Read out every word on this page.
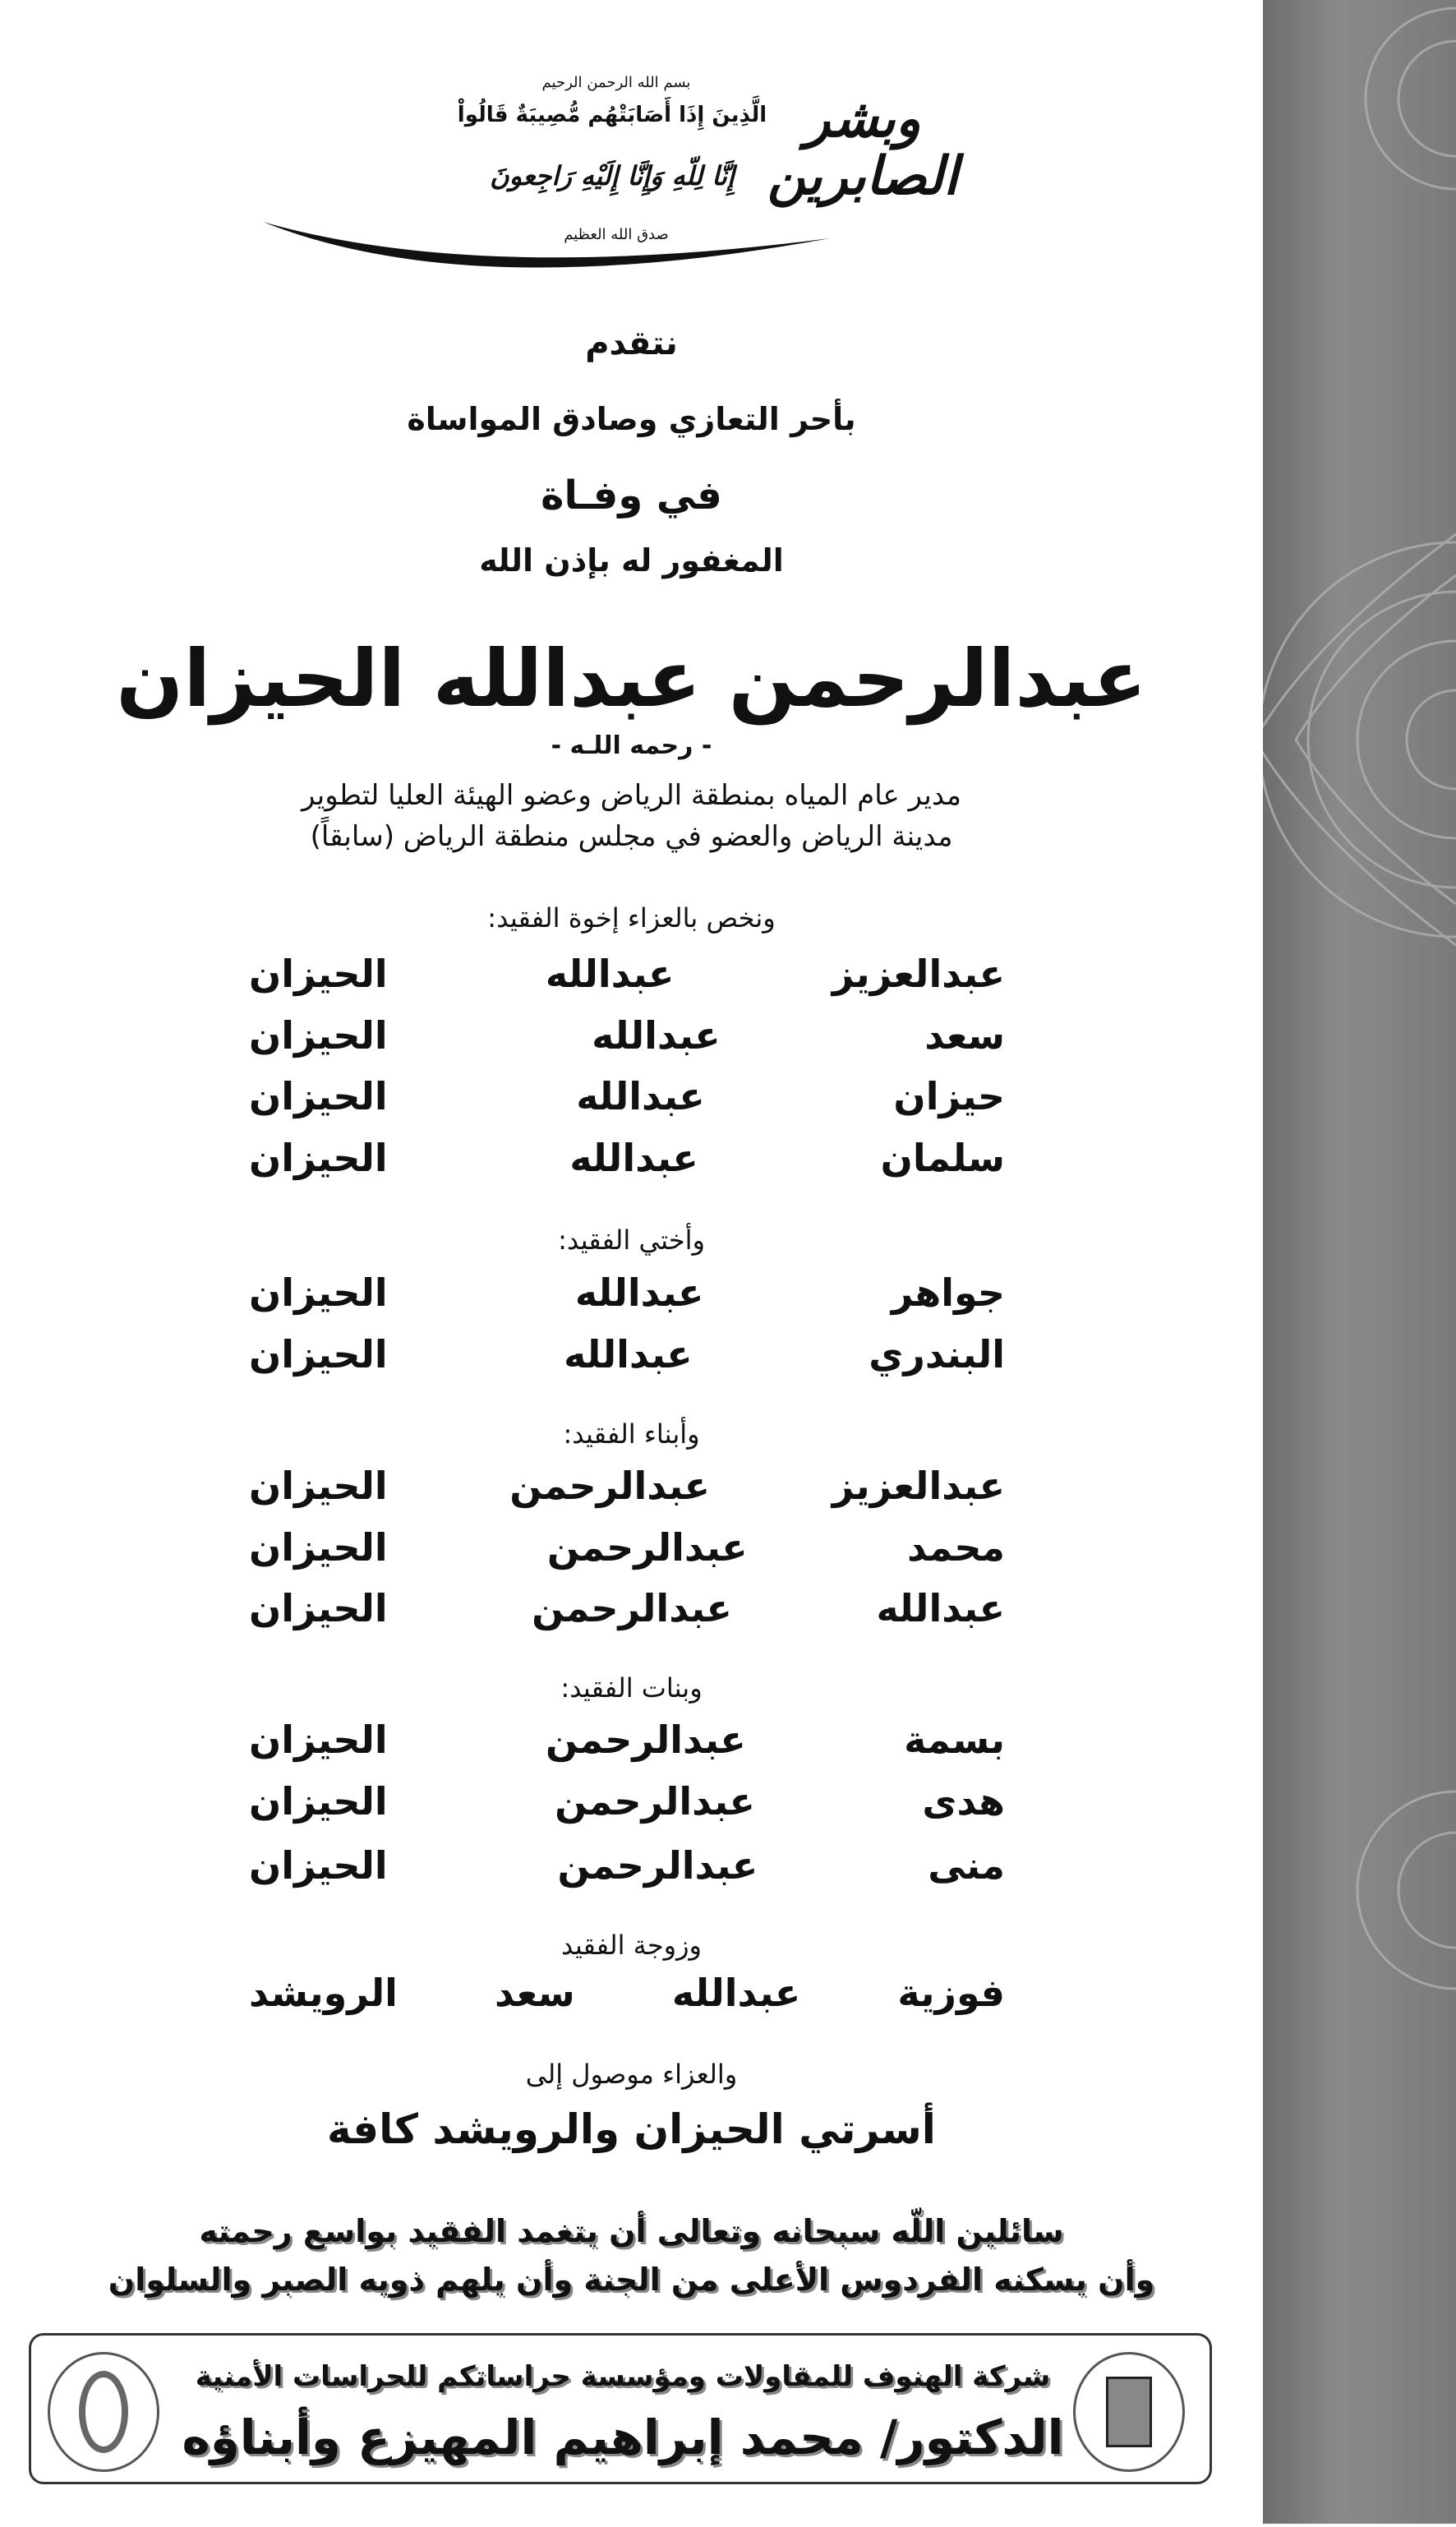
بسم الله الرحمن الرحيم
الَّذِينَ إِذَا أَصَابَتْهُم مُّصِيبَةٌ قَالُواْ
إِنَّا لِلّهِ وَإِنَّا إِلَيْهِ رَاجِعونَ
صدق الله العظيم
وبشر الصابرين
نتقدم
بأحر التعازي وصادق المواساة
في وفـاة
المغفور له بإذن الله
عبدالرحمن عبدالله الحيزان
- رحمه اللـه -
مدير عام المياه بمنطقة الرياض وعضو الهيئة العليا لتطوير
مدينة الرياض والعضو في مجلس منطقة الرياض (سابقاً)
ونخص بالعزاء إخوة الفقيد:
عبدالعزيز عبدالله الحيزان
سعد عبدالله الحيزان
حيزان عبدالله الحيزان
سلمان عبدالله الحيزان
وأختي الفقيد:
جواهر عبدالله الحيزان
البندري عبدالله الحيزان
وأبناء الفقيد:
عبدالعزيز عبدالرحمن الحيزان
محمد عبدالرحمن الحيزان
عبدالله عبدالرحمن الحيزان
وبنات الفقيد:
بسمة عبدالرحمن الحيزان
هدى عبدالرحمن الحيزان
منى عبدالرحمن الحيزان
وزوجة الفقيد
فوزية عبدالله سعد الرويشد
والعزاء موصول إلى
أسرتي الحيزان والرويشد كافة
سائلين اللّه سبحانه وتعالى أن يتغمد الفقيد بواسع رحمته
وأن يسكنه الفردوس الأعلى من الجنة وأن يلهم ذويه الصبر والسلوان
شركة الهنوف للمقاولات ومؤسسة حراساتكم للحراسات الأمنية
الدكتور/ محمد إبراهيم المهيزع وأبناؤه
